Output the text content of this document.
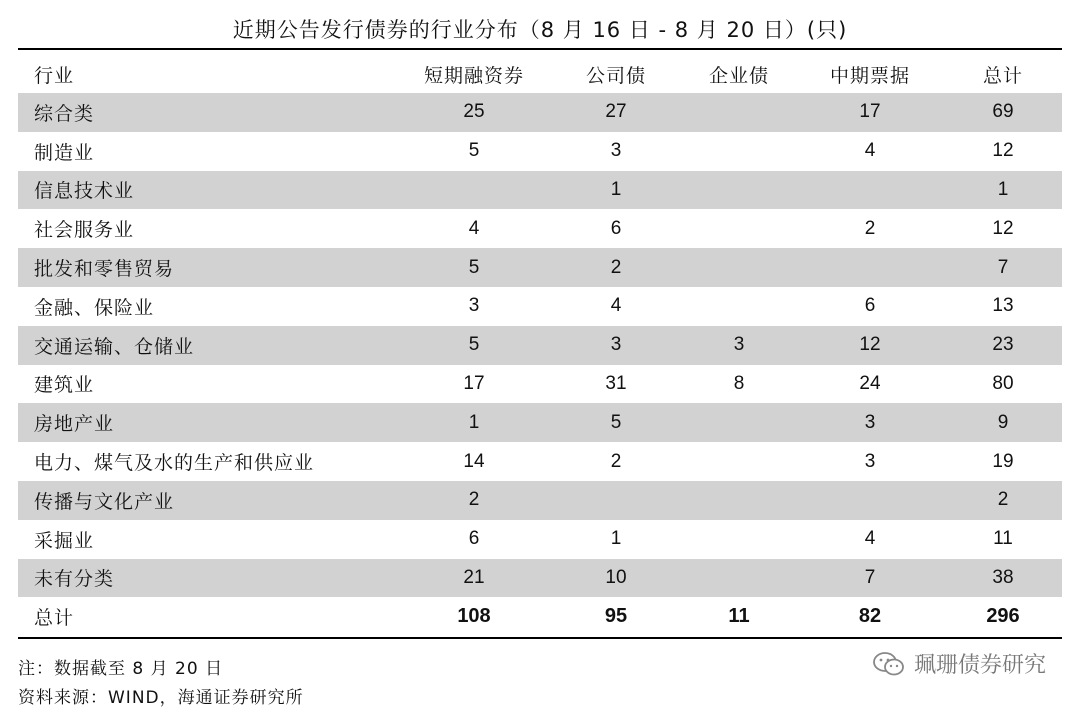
近期公告发行债券的行业分布（8 月 16 日 - 8 月 20 日）(只)
行业	短期融资券	公司债	企业债	中期票据	总计
综合类	25	27		17	69
制造业	5	3		4	12
信息技术业		1			1
社会服务业	4	6		2	12
批发和零售贸易	5	2			7
金融、保险业	3	4		6	13
交通运输、仓储业	5	3	3	12	23
建筑业	17	31	8	24	80
房地产业	1	5		3	9
电力、煤气及水的生产和供应业	14	2		3	19
传播与文化产业	2				2
采掘业	6	1		4	11
未有分类	21	10		7	38
总计	108	95	11	82	296
注：数据截至 8 月 20 日
资料来源：WIND，海通证券研究所
珮珊债券研究
